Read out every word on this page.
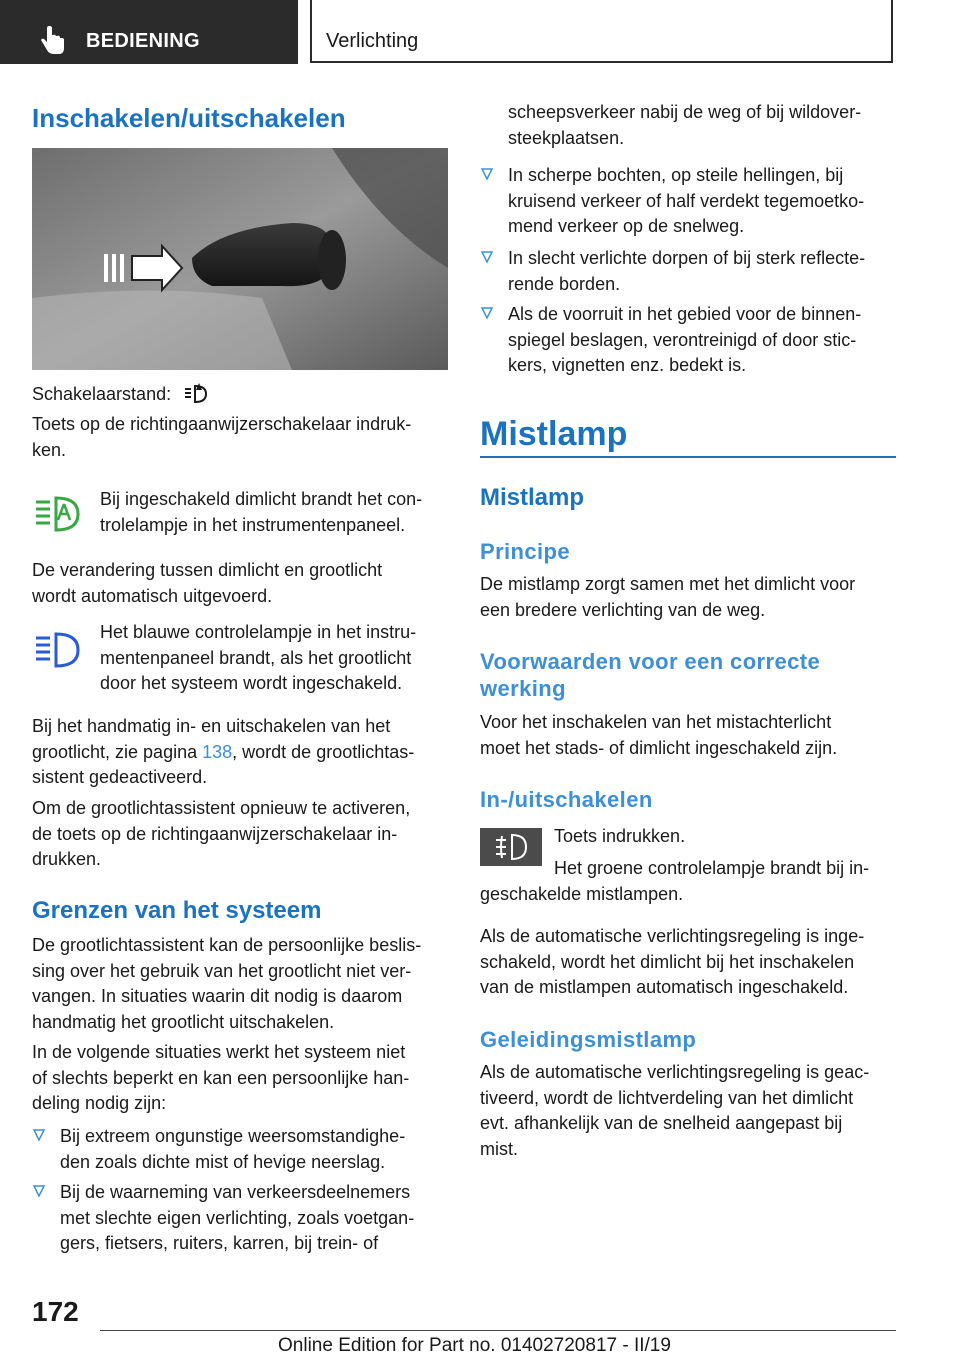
BEDIENING	Verlichting
Inschakelen/uitschakelen
Schakelaarstand:
Toets op de richtingaanwijzerschakelaar indruk-
ken.
Bij ingeschakeld dimlicht brandt het con-
trolelampje in het instrumentenpaneel.
De verandering tussen dimlicht en grootlicht
wordt automatisch uitgevoerd.
Het blauwe controlelampje in het instru-
mentenpaneel brandt, als het grootlicht
door het systeem wordt ingeschakeld.
Bij het handmatig in- en uitschakelen van het
grootlicht, zie pagina 138, wordt de grootlichtas-
sistent gedeactiveerd.
Om de grootlichtassistent opnieuw te activeren,
de toets op de richtingaanwijzerschakelaar in-
drukken.
Grenzen van het systeem
De grootlichtassistent kan de persoonlijke beslis-
sing over het gebruik van het grootlicht niet ver-
vangen. In situaties waarin dit nodig is daarom
handmatig het grootlicht uitschakelen.
In de volgende situaties werkt het systeem niet
of slechts beperkt en kan een persoonlijke han-
deling nodig zijn:
Bij extreem ongunstige weersomstandighe-
den zoals dichte mist of hevige neerslag.
Bij de waarneming van verkeersdeelnemers
met slechte eigen verlichting, zoals voetgan-
gers, fietsers, ruiters, karren, bij trein- of
scheepsverkeer nabij de weg of bij wildover-
steekplaatsen.
In scherpe bochten, op steile hellingen, bij
kruisend verkeer of half verdekt tegemoetko-
mend verkeer op de snelweg.
In slecht verlichte dorpen of bij sterk reflecte-
rende borden.
Als de voorruit in het gebied voor de binnen-
spiegel beslagen, verontreinigd of door stic-
kers, vignetten enz. bedekt is.
Mistlamp
Mistlamp
Principe
De mistlamp zorgt samen met het dimlicht voor
een bredere verlichting van de weg.
Voorwaarden voor een correcte
werking
Voor het inschakelen van het mistachterlicht
moet het stads- of dimlicht ingeschakeld zijn.
In-/uitschakelen
Toets indrukken.
Het groene controlelampje brandt bij in-
geschakelde mistlampen.
Als de automatische verlichtingsregeling is inge-
schakeld, wordt het dimlicht bij het inschakelen
van de mistlampen automatisch ingeschakeld.
Geleidingsmistlamp
Als de automatische verlichtingsregeling is geac-
tiveerd, wordt de lichtverdeling van het dimlicht
evt. afhankelijk van de snelheid aangepast bij
mist.
172
Online Edition for Part no. 01402720817 - II/19
